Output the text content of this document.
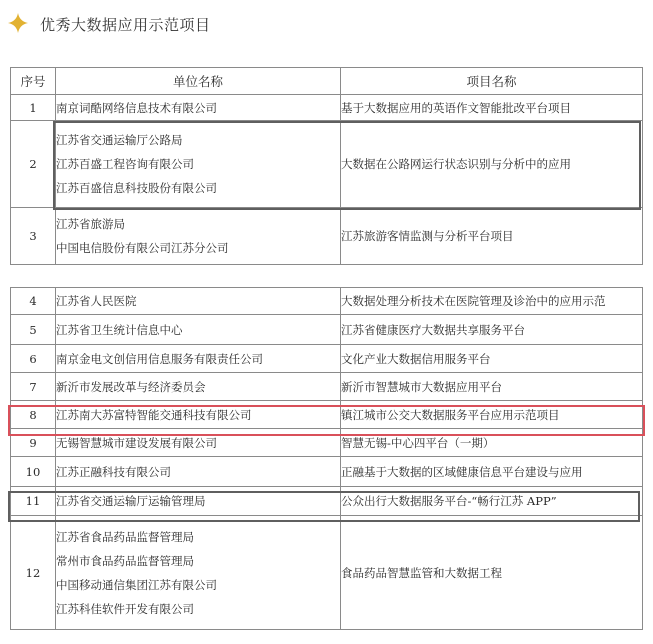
优秀大数据应用示范项目
序号	单位名称	项目名称
1	南京词酷网络信息技术有限公司	基于大数据应用的英语作文智能批改平台项目
2	江苏省交通运输厅公路局
江苏百盛工程咨询有限公司
江苏百盛信息科技股份有限公司	大数据在公路网运行状态识别与分析中的应用
3	江苏省旅游局
中国电信股份有限公司江苏分公司	江苏旅游客情监测与分析平台项目
4	江苏省人民医院	大数据处理分析技术在医院管理及诊治中的应用示范
5	江苏省卫生统计信息中心	江苏省健康医疗大数据共享服务平台
6	南京金电文创信用信息服务有限责任公司	文化产业大数据信用服务平台
7	新沂市发展改革与经济委员会	新沂市智慧城市大数据应用平台
8	江苏南大苏富特智能交通科技有限公司	镇江城市公交大数据服务平台应用示范项目
9	无锡智慧城市建设发展有限公司	智慧无锡-中心四平台（一期）
10	江苏正融科技有限公司	正融基于大数据的区域健康信息平台建设与应用
11	江苏省交通运输厅运输管理局	公众出行大数据服务平台-“畅行江苏 APP”
12	江苏省食品药品监督管理局
常州市食品药品监督管理局
中国移动通信集团江苏有限公司
江苏科佳软件开发有限公司	食品药品智慧监管和大数据工程
